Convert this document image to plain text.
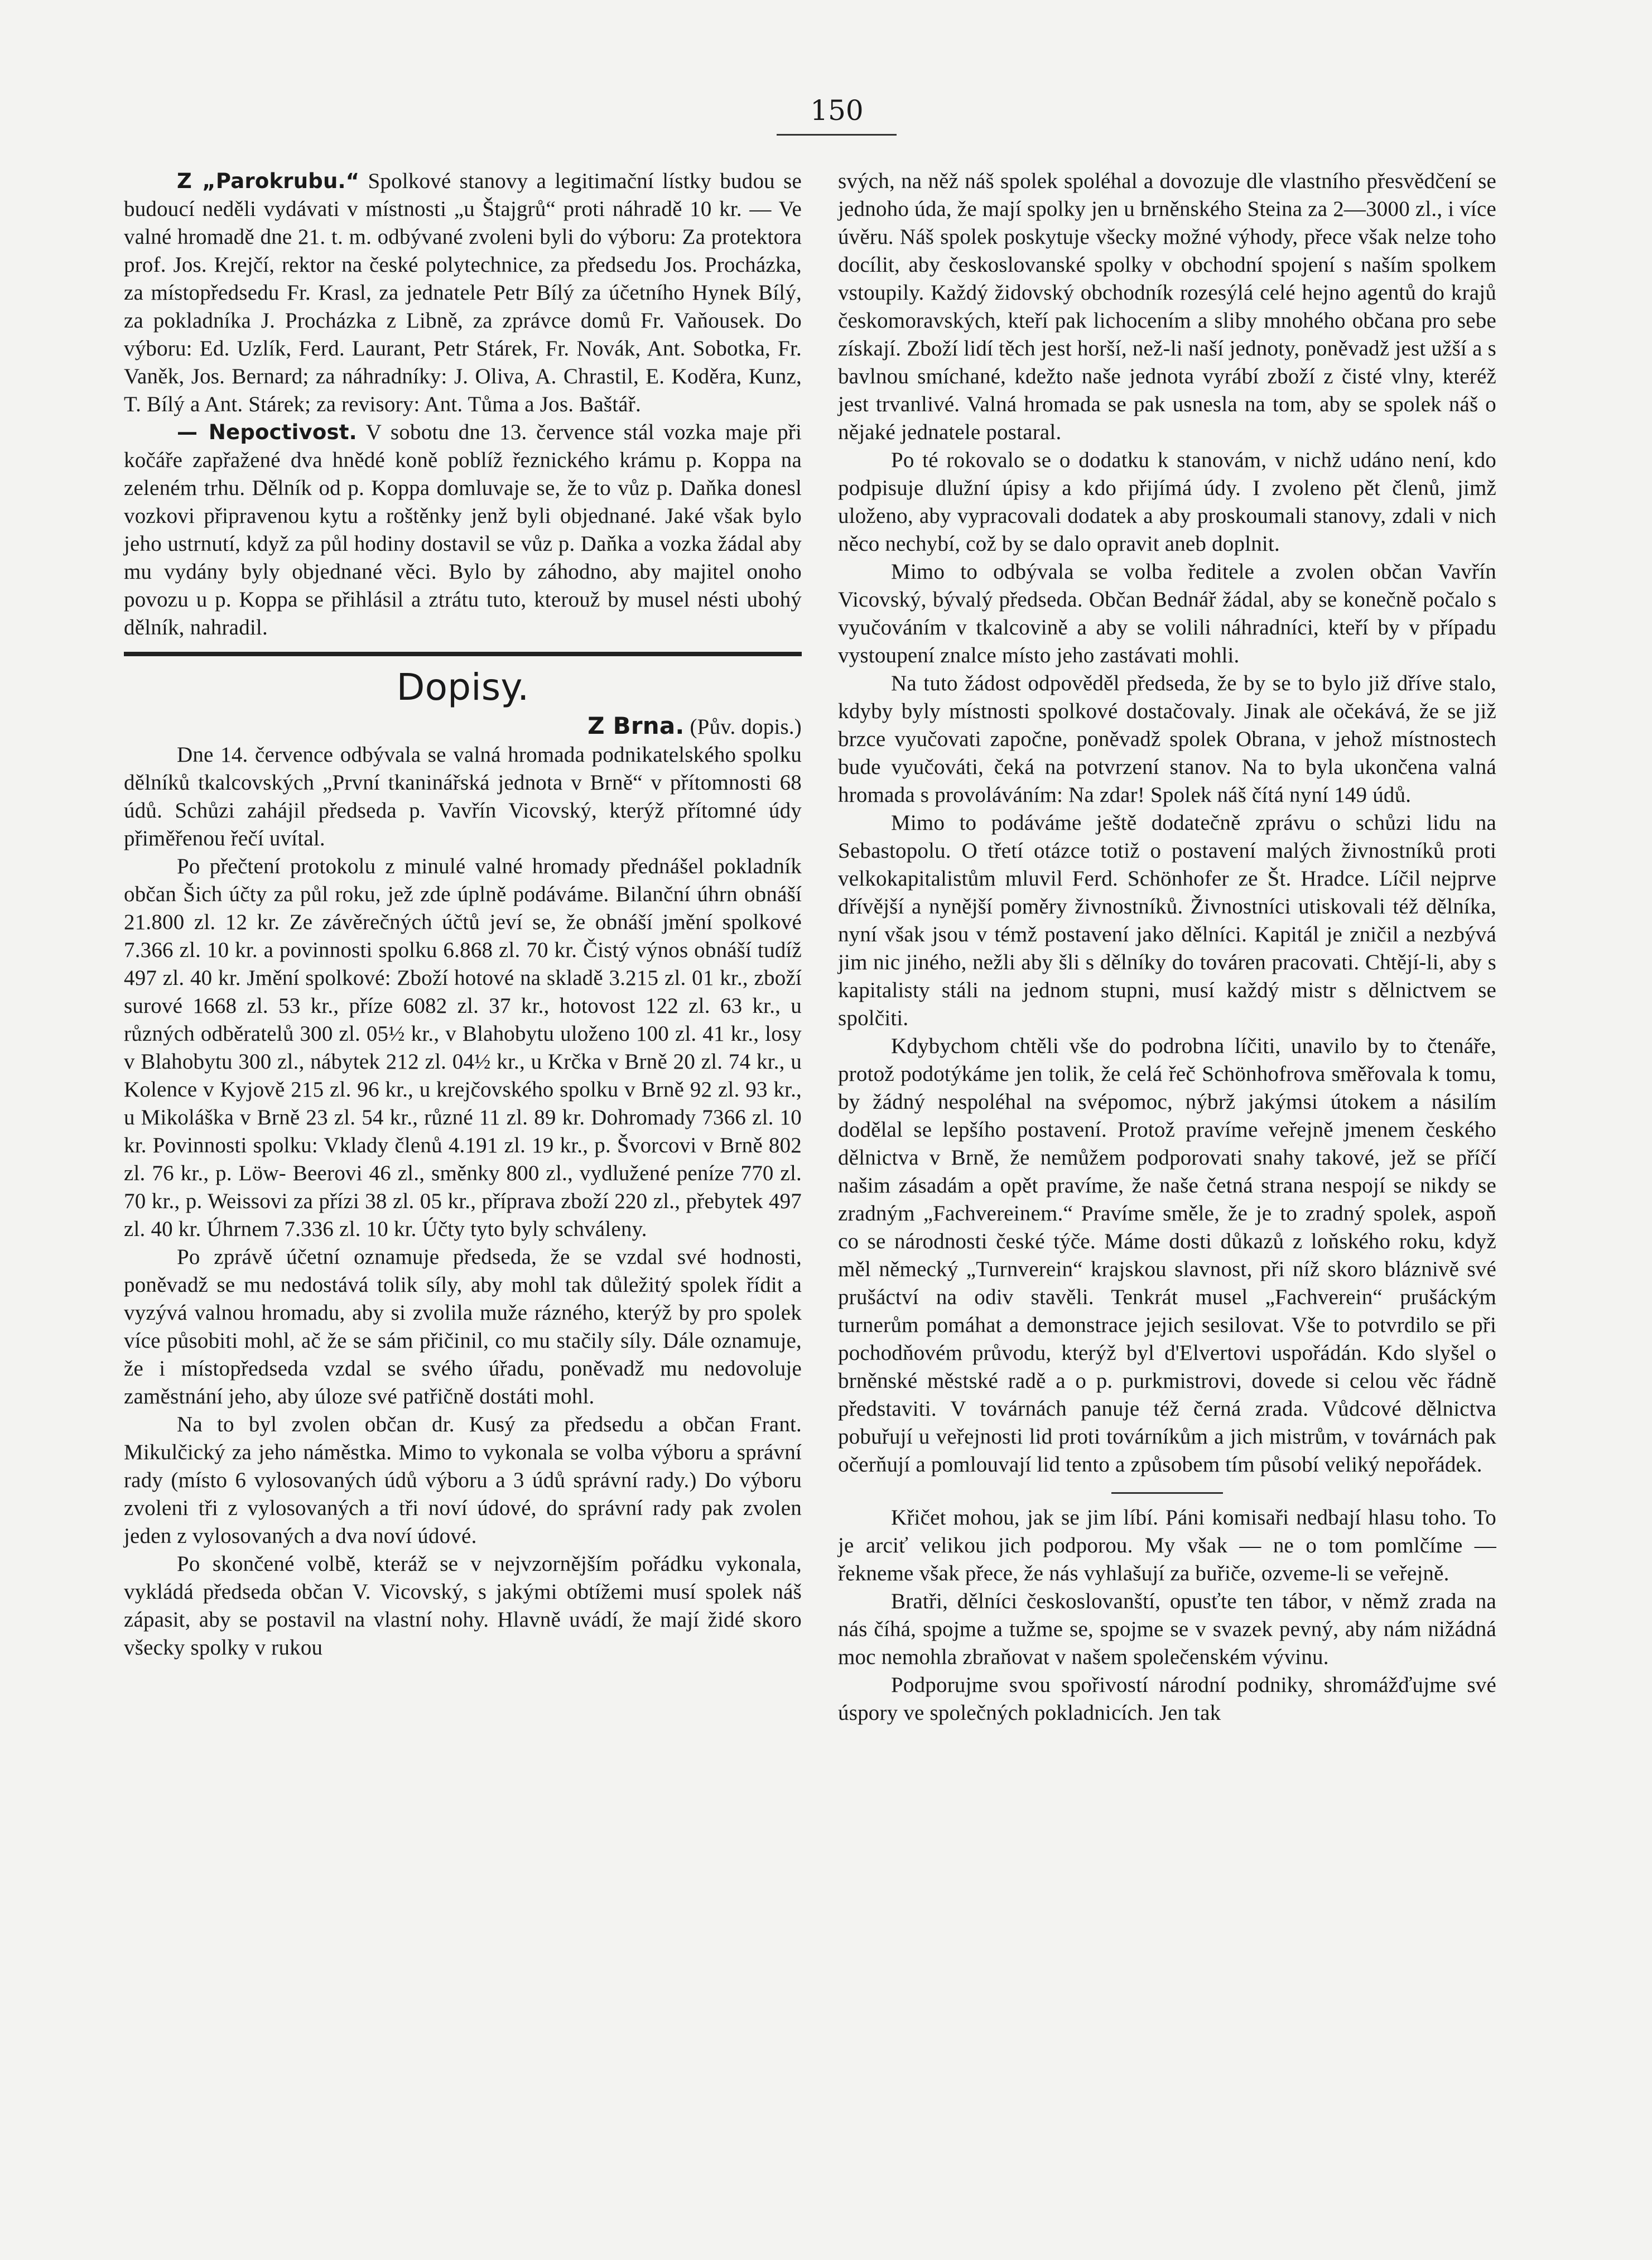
150

Z „Parokrubu.“ Spolkové stanovy a legitimační lístky budou se budoucí neděli vydávati v místnosti „u Štajgrů“ proti náhradě 10 kr. — Ve valné hromadě dne 21. t. m. odbývané zvoleni byli do výboru: Za protektora prof. Jos. Krejčí, rektor na české polytechnice, za předsedu Jos. Procházka, za místopředsedu Fr. Krasl, za jednatele Petr Bílý za účetního Hynek Bílý, za pokladníka J. Procházka z Libně, za zprávce domů Fr. Vaňousek. Do výboru: Ed. Uzlík, Ferd. Laurant, Petr Stárek, Fr. Novák, Ant. Sobotka, Fr. Vaněk, Jos. Bernard; za náhradníky: J. Oliva, A. Chrastil, E. Koděra, Kunz, T. Bílý a Ant. Stárek; za revisory: Ant. Tůma a Jos. Baštář.

— Nepoctivost. V sobotu dne 13. července stál vozka maje při kočáře zapřažené dva hnědé koně poblíž řeznického krámu p. Koppa na zeleném trhu. Dělník od p. Koppa domluvaje se, že to vůz p. Daňka donesl vozkovi připravenou kytu a roštěnky jenž byli objednané. Jaké však bylo jeho ustrnutí, když za půl hodiny dostavil se vůz p. Daňka a vozka žádal aby mu vydány byly objednané věci. Bylo by záhodno, aby majitel onoho povozu u p. Koppa se přihlásil a ztrátu tuto, kterouž by musel nésti ubohý dělník, nahradil.

Dopisy.

Z Brna. (Pův. dopis.)

Dne 14. července odbývala se valná hromada podnikatelského spolku dělníků tkalcovských „První tkaninářská jednota v Brně“ v přítomnosti 68 údů. Schůzi zahájil předseda p. Vavřín Vicovský, kterýž přítomné údy přiměřenou řečí uvítal.

Po přečtení protokolu z minulé valné hromady přednášel pokladník občan Šich účty za půl roku, jež zde úplně podáváme. Bilanční úhrn obnáší 21.800 zl. 12 kr. Ze závěrečných účtů jeví se, že obnáší jmění spolkové 7.366 zl. 10 kr. a povinnosti spolku 6.868 zl. 70 kr. Čistý výnos obnáší tudíž 497 zl. 40 kr. Jmění spolkové: Zboží hotové na skladě 3.215 zl. 01 kr., zboží surové 1668 zl. 53 kr., příze 6082 zl. 37 kr., hotovost 122 zl. 63 kr., u různých odběratelů 300 zl. 05½ kr., v Blahobytu uloženo 100 zl. 41 kr., losy v Blahobytu 300 zl., nábytek 212 zl. 04½ kr., u Krčka v Brně 20 zl. 74 kr., u Kolence v Kyjově 215 zl. 96 kr., u krejčovského spolku v Brně 92 zl. 93 kr., u Mikoláška v Brně 23 zl. 54 kr., různé 11 zl. 89 kr. Dohromady 7366 zl. 10 kr. Povinnosti spolku: Vklady členů 4.191 zl. 19 kr., p. Švorcovi v Brně 802 zl. 76 kr., p. Löw- Beerovi 46 zl., směnky 800 zl., vydlužené peníze 770 zl. 70 kr., p. Weissovi za přízi 38 zl. 05 kr., příprava zboží 220 zl., přebytek 497 zl. 40 kr. Úhrnem 7.336 zl. 10 kr. Účty tyto byly schváleny.

Po zprávě účetní oznamuje předseda, že se vzdal své hodnosti, poněvadž se mu nedostává tolik síly, aby mohl tak důležitý spolek řídit a vyzývá valnou hromadu, aby si zvolila muže rázného, kterýž by pro spolek více působiti mohl, ač že se sám přičinil, co mu stačily síly. Dále oznamuje, že i místopředseda vzdal se svého úřadu, poněvadž mu nedovoluje zaměstnání jeho, aby úloze své patřičně dostáti mohl.

Na to byl zvolen občan dr. Kusý za předsedu a občan Frant. Mikulčický za jeho náměstka. Mimo to vykonala se volba výboru a správní rady (místo 6 vylosovaných údů výboru a 3 údů správní rady.) Do výboru zvoleni tři z vylosovaných a tři noví údové, do správní rady pak zvolen jeden z vylosovaných a dva noví údové.

Po skončené volbě, kteráž se v nejvzornějším pořádku vykonala, vykládá předseda občan V. Vicovský, s jakými obtížemi musí spolek náš zápasit, aby se postavil na vlastní nohy. Hlavně uvádí, že mají židé skoro všecky spolky v rukou

svých, na něž náš spolek spoléhal a dovozuje dle vlastního přesvědčení se jednoho úda, že mají spolky jen u brněnského Steina za 2—3000 zl., i více úvěru. Náš spolek poskytuje všecky možné výhody, přece však nelze toho docílit, aby českoslovanské spolky v obchodní spojení s naším spolkem vstoupily. Každý židovský obchodník rozesýlá celé hejno agentů do krajů českomoravských, kteří pak lichocením a sliby mnohého občana pro sebe získají. Zboží lidí těch jest horší, než-li naší jednoty, poněvadž jest užší a s bavlnou smíchané, kdežto naše jednota vyrábí zboží z čisté vlny, kteréž jest trvanlivé. Valná hromada se pak usnesla na tom, aby se spolek náš o nějaké jednatele postaral.

Po té rokovalo se o dodatku k stanovám, v nichž udáno není, kdo podpisuje dlužní úpisy a kdo přijímá údy. I zvoleno pět členů, jimž uloženo, aby vypracovali dodatek a aby proskoumali stanovy, zdali v nich něco nechybí, což by se dalo opravit aneb doplnit.

Mimo to odbývala se volba ředitele a zvolen občan Vavřín Vicovský, bývalý předseda. Občan Bednář žádal, aby se konečně počalo s vyučováním v tkalcovině a aby se volili náhradníci, kteří by v případu vystoupení znalce místo jeho zastávati mohli.

Na tuto žádost odpověděl předseda, že by se to bylo již dříve stalo, kdyby byly místnosti spolkové dostačovaly. Jinak ale očekává, že se již brzce vyučovati započne, poněvadž spolek Obrana, v jehož místnostech bude vyučováti, čeká na potvrzení stanov. Na to byla ukončena valná hromada s provoláváním: Na zdar! Spolek náš čítá nyní 149 údů.

Mimo to podáváme ještě dodatečně zprávu o schůzi lidu na Sebastopolu. O třetí otázce totiž o postavení malých živnostníků proti velkokapitalistům mluvil Ferd. Schönhofer ze Št. Hradce. Líčil nejprve dřívější a nynější poměry živnostníků. Živnostníci utiskovali též dělníka, nyní však jsou v témž postavení jako dělníci. Kapitál je zničil a nezbývá jim nic jiného, nežli aby šli s dělníky do továren pracovati. Chtějí-li, aby s kapitalisty stáli na jednom stupni, musí každý mistr s dělnictvem se spolčiti.

Kdybychom chtěli vše do podrobna líčiti, unavilo by to čtenáře, protož podotýkáme jen tolik, že celá řeč Schönhofrova směřovala k tomu, by žádný nespoléhal na svépomoc, nýbrž jakýmsi útokem a násilím dodělal se lepšího postavení. Protož pravíme veřejně jmenem českého dělnictva v Brně, že nemůžem podporovati snahy takové, jež se příčí našim zásadám a opět pravíme, že naše četná strana nespojí se nikdy se zradným „Fachvereinem.“ Pravíme směle, že je to zradný spolek, aspoň co se národnosti české týče. Máme dosti důkazů z loňského roku, když měl německý „Turnverein“ krajskou slavnost, při níž skoro bláznivě své prušáctví na odiv stavěli. Tenkrát musel „Fachverein“ prušáckým turnerům pomáhat a demonstrace jejich sesilovat. Vše to potvrdilo se při pochodňovém průvodu, kterýž byl d'Elvertovi uspořádán. Kdo slyšel o brněnské městské radě a o p. purkmistrovi, dovede si celou věc řádně představiti. V továrnách panuje též černá zrada. Vůdcové dělnictva pobuřují u veřejnosti lid proti továrníkům a jich mistrům, v továrnách pak očerňují a pomlouvají lid tento a způsobem tím působí veliký nepořádek.

Křičet mohou, jak se jim líbí. Páni komisaři nedbají hlasu toho. To je arciť velikou jich podporou. My však — ne o tom pomlčíme — řekneme však přece, že nás vyhlašují za buřiče, ozveme-li se veřejně.

Bratři, dělníci českoslovanští, opusťte ten tábor, v němž zrada na nás číhá, spojme a tužme se, spojme se v svazek pevný, aby nám nižádná moc nemohla zbraňovat v našem společenském vývinu.

Podporujme svou spořivostí národní podniky, shromážďujme své úspory ve společných pokladnicích. Jen tak
